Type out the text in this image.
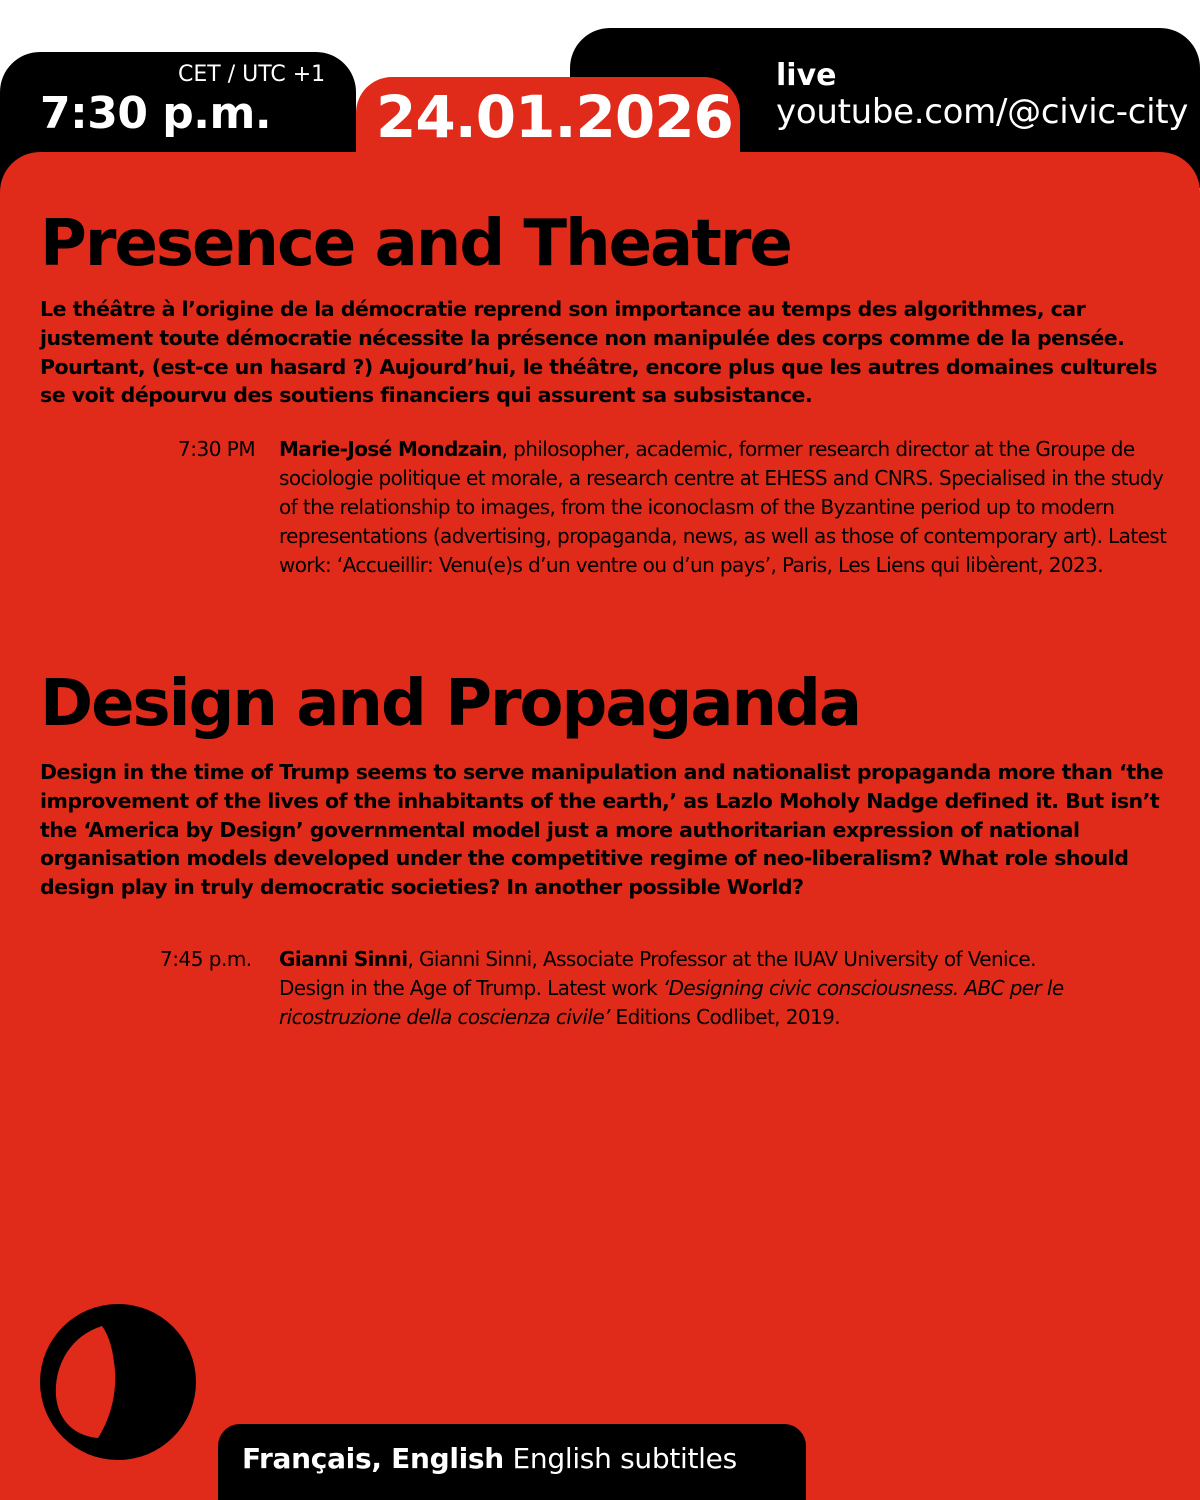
CET / UTC +1
7:30 p.m.
live
youtube.com/@civic-city
Presence and Theatre

Le théâtre à l’origine de la démocratie reprend son importance au temps des algorithmes, car justement toute démocratie nécessite la présence non manipulée des corps comme de la pensée. Pourtant, (est-ce un hasard ?) Aujourd’hui, le théâtre, encore plus que les autres domaines culturels se voit dépourvu des soutiens financiers qui assurent sa subsistance.

7:30 PM Marie-José Mondzain, philosopher, academic, former research director at the Groupe de sociologie politique et morale, a research centre at EHESS and CNRS. Specialised in the study of the relationship to images, from the iconoclasm of the Byzantine period up to modern representations (advertising, propaganda, news, as well as those of contemporary art). Latest work: ‘Accueillir: Venu(e)s d’un ventre ou d’un pays’, Paris, Les Liens qui libèrent, 2023.

Design and Propaganda

Design in the time of Trump seems to serve manipulation and nationalist propaganda more than ‘the improvement of the lives of the inhabitants of the earth,’ as Lazlo Moholy Nadge defined it. But isn’t the ‘America by Design’ governmental model just a more authoritarian expression of national organisation models developed under the competitive regime of neo-liberalism? What role should design play in truly democratic societies? In another possible World?

7:45 p.m. Gianni Sinni, Gianni Sinni, Associate Professor at the IUAV University of Venice. Design in the Age of Trump. Latest work ‘Designing civic consciousness. ABC per le ricostruzione della coscienza civile’ Editions Codlibet, 2019.

24.01.2026
Français, English English subtitles
